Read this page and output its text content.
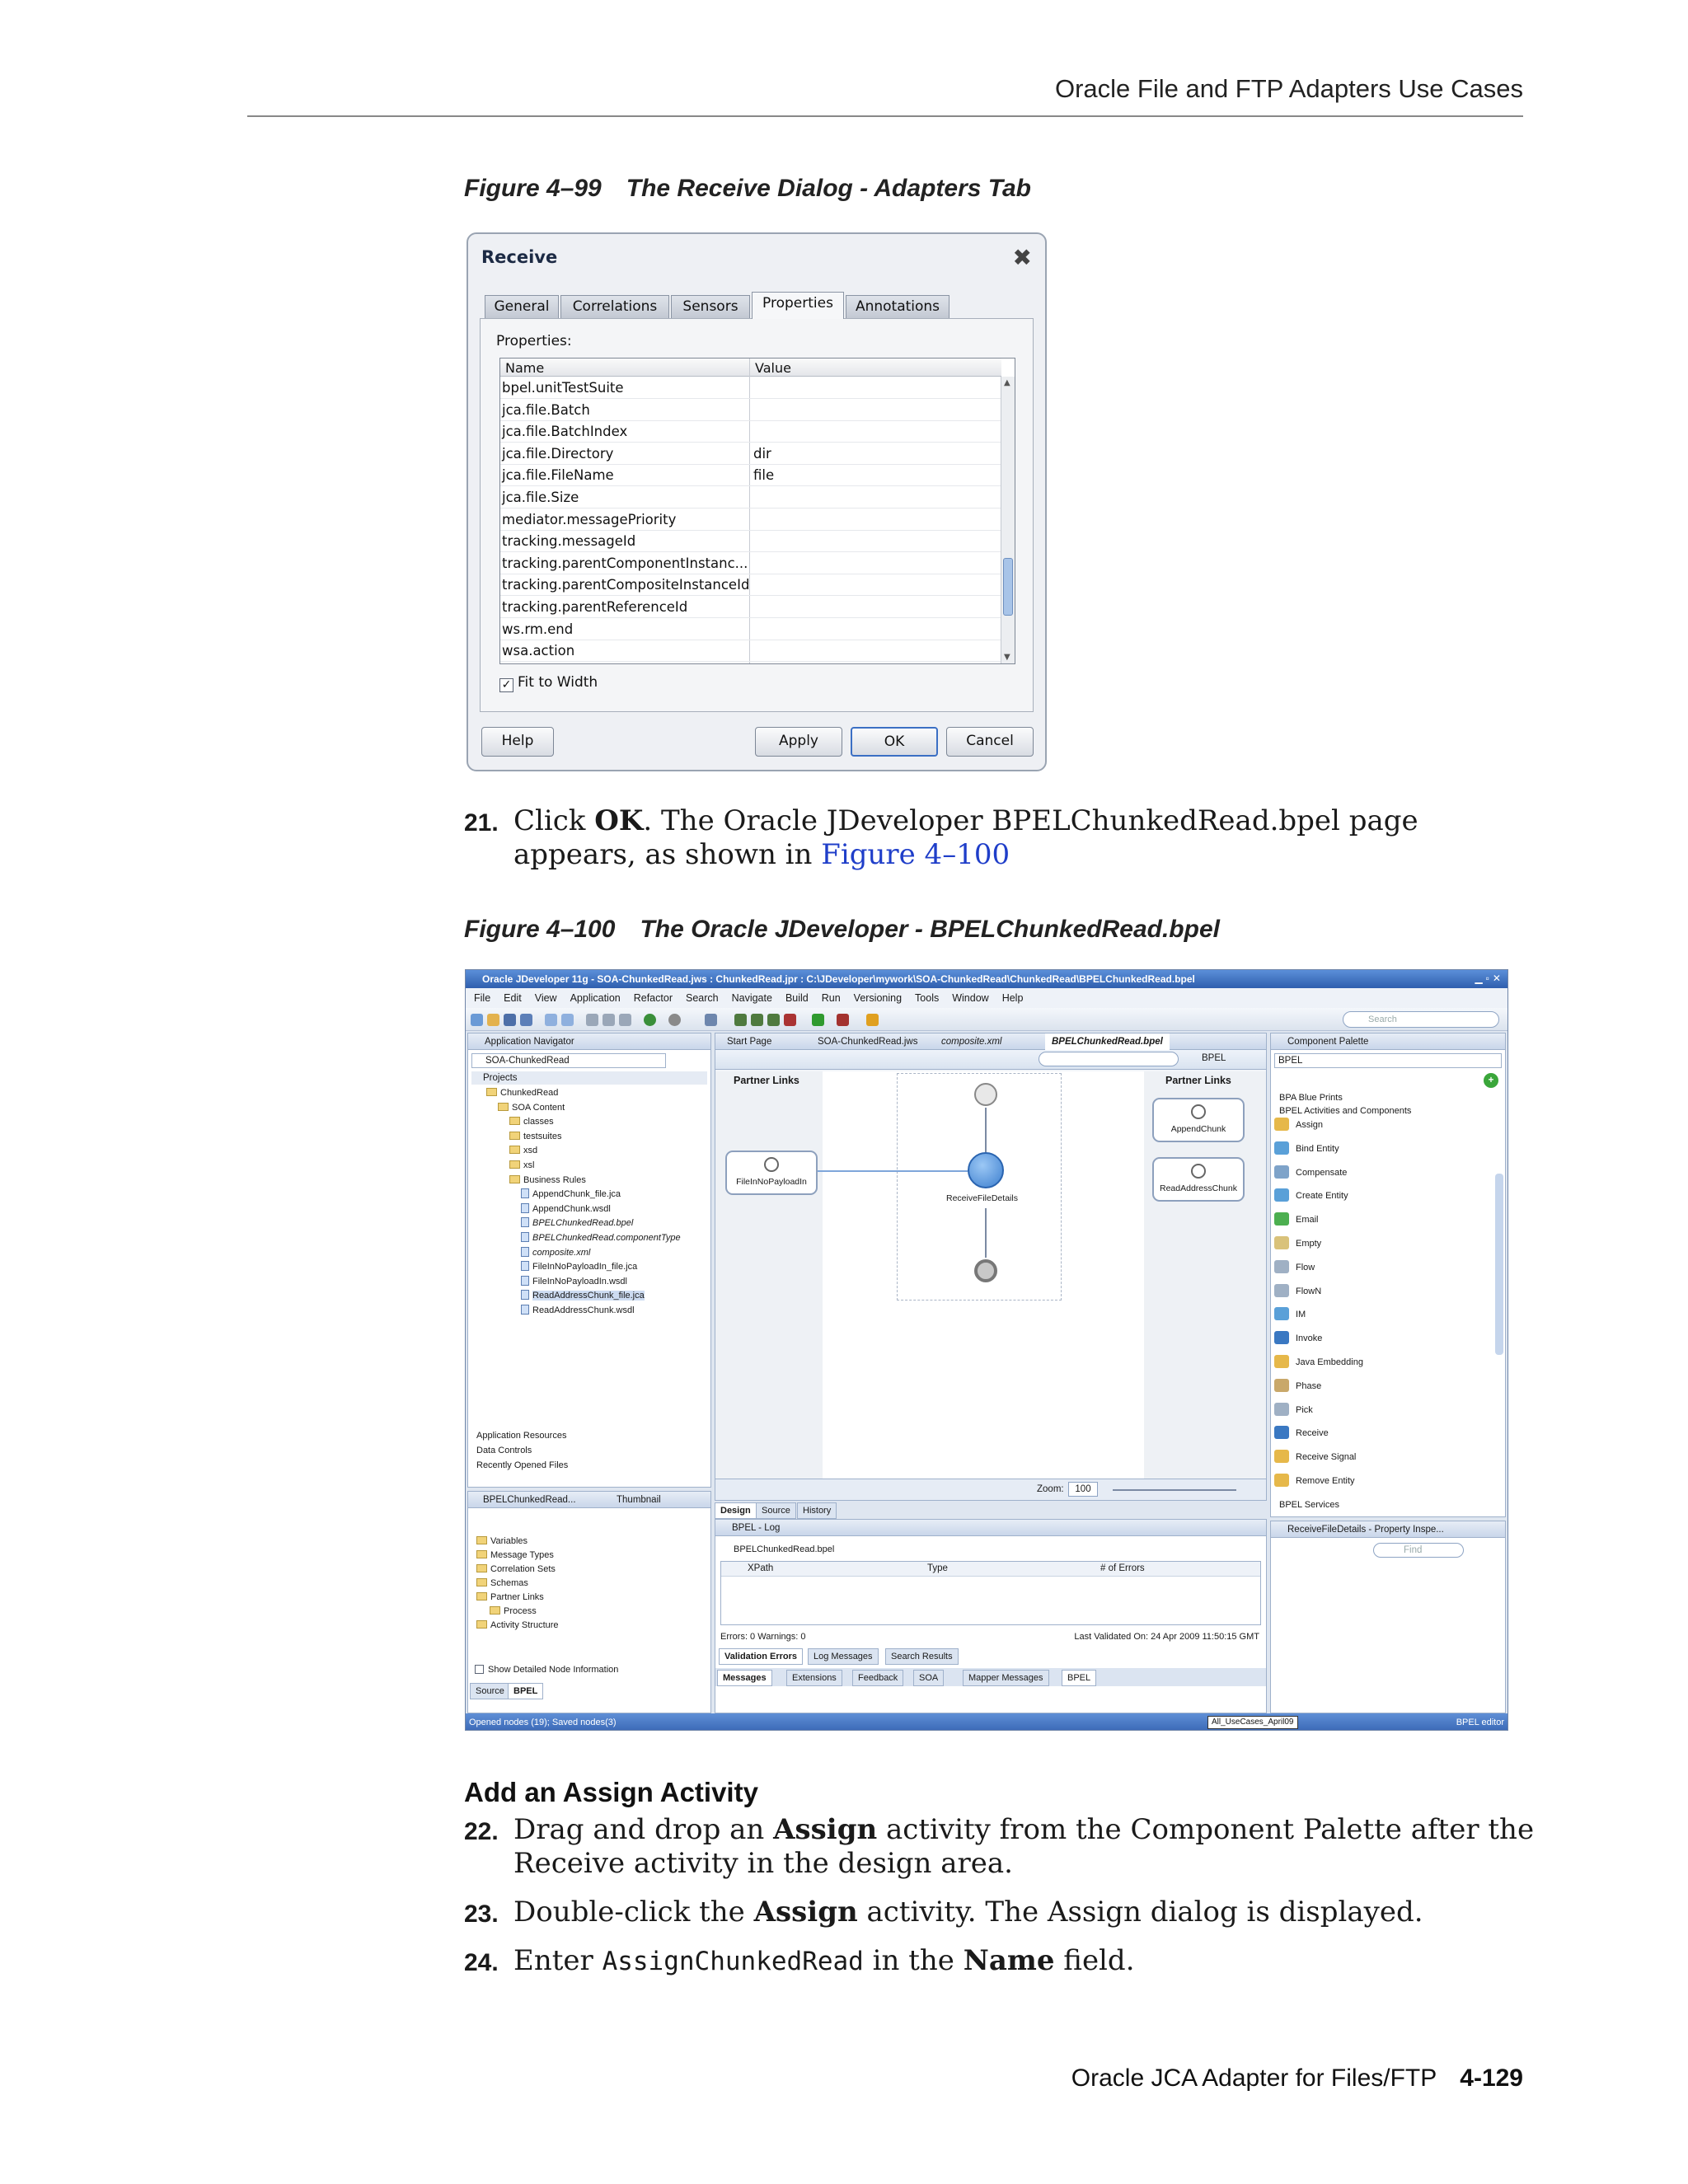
Oracle File and FTP Adapters Use Cases
Figure 4–99 The Receive Dialog - Adapters Tab
Receive	✖
General	Correlations	Sensors	Properties	Annotations
Properties:
Name	Value
bpel.unitTestSuite
jca.file.Batch
jca.file.BatchIndex
jca.file.Directory	dir
jca.file.FileName	file
jca.file.Size
mediator.messagePriority
tracking.messageId
tracking.parentComponentInstanc...
tracking.parentCompositeInstanceId
tracking.parentReferenceId
ws.rm.end
wsa.action
▲
▼
✓ Fit to Width
Help	Apply	OK	Cancel
21. Click OK. The Oracle JDeveloper BPELChunkedRead.bpel page appears, as shown in Figure 4–100
Figure 4–100 The Oracle JDeveloper - BPELChunkedRead.bpel
Oracle JDeveloper 11g - SOA-ChunkedRead.jws : ChunkedRead.jpr : C:\JDeveloper\mywork\SOA-ChunkedRead\ChunkedRead\BPELChunkedRead.bpel	▁▫✕
File Edit View Application Refactor Search Navigate Build Run Versioning Tools Window Help
Search
Application Navigator
SOA-ChunkedRead
Projects
ChunkedRead
SOA Content
classes
testsuites
xsd
xsl
Business Rules
AppendChunk_file.jca
AppendChunk.wsdl
BPELChunkedRead.bpel
BPELChunkedRead.componentType
composite.xml
FileInNoPayloadIn_file.jca
FileInNoPayloadIn.wsdl
ReadAddressChunk_file.jca
ReadAddressChunk.wsdl
Application Resources
Data Controls
Recently Opened Files
BPELChunkedRead...	Thumbnail
Variables
Message Types
Correlation Sets
Schemas
Partner Links
Process
Activity Structure
Show Detailed Node Information
Source	BPEL
Start Page	SOA-ChunkedRead.jws composite.xml	BPELChunkedRead.bpel
BPEL
Partner Links	Partner Links
FileInNoPayloadIn
AppendChunk
ReadAddressChunk
ReceiveFileDetails
Zoom:	100
Design	Source	History
BPEL - Log
BPELChunkedRead.bpel
XPath	Type	# of Errors
Errors: 0 Warnings: 0	Last Validated On: 24 Apr 2009 11:50:15 GMT
Validation Errors	Log Messages	Search Results
Messages	Extensions	Feedback	SOA	Mapper Messages	BPEL
Component Palette
BPEL
+
BPA Blue Prints
BPEL Activities and Components
Assign
Bind Entity
Compensate
Create Entity
Email
Empty
Flow
FlowN
IM
Invoke
Java Embedding
Phase
Pick
Receive
Receive Signal
Remove Entity
BPEL Services
ReceiveFileDetails - Property Inspe...
Find
Opened nodes (19); Saved nodes(3)	BPEL editor
All_UseCases_April09
Add an Assign Activity
22. Drag and drop an Assign activity from the Component Palette after the Receive activity in the design area.
23. Double-click the Assign activity. The Assign dialog is displayed.
24. Enter AssignChunkedRead in the Name field.
Oracle JCA Adapter for Files/FTP 4-129
